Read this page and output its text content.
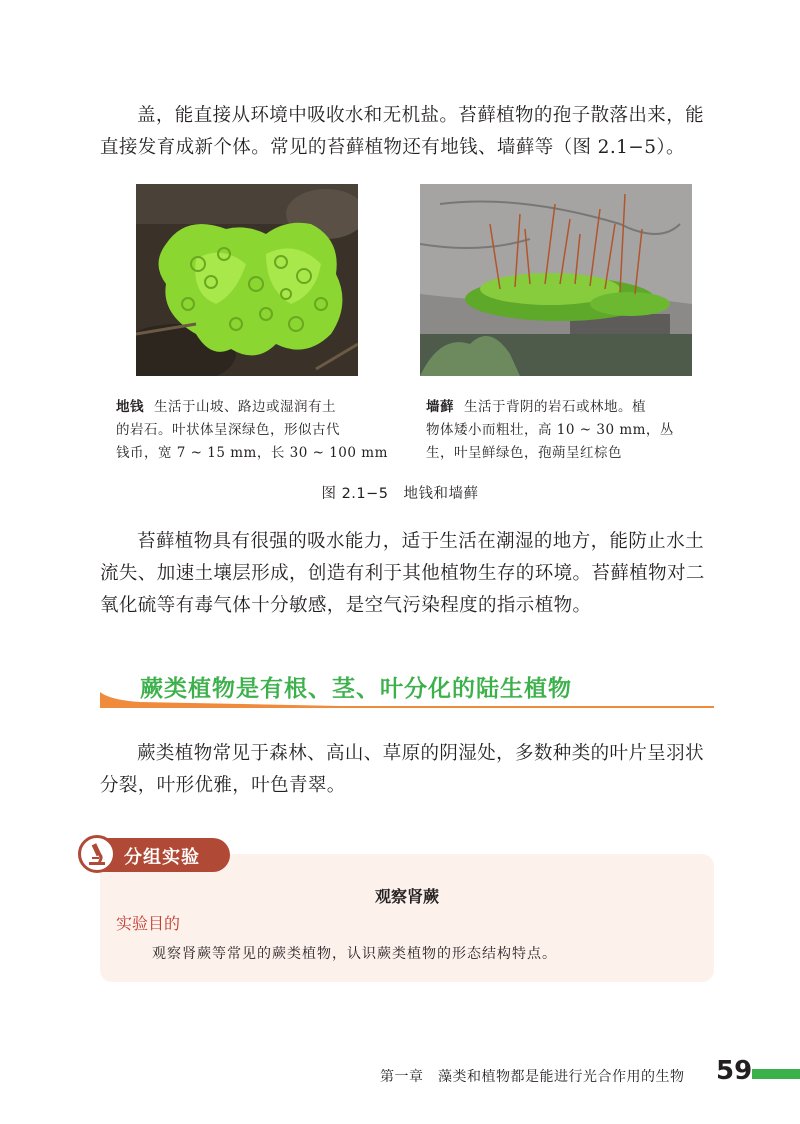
盖，能直接从环境中吸收水和无机盐。苔藓植物的孢子散落出来，能直接发育成新个体。常见的苔藓植物还有地钱、墙藓等（图 2.1−5）。

地钱 生活于山坡、路边或湿润有土
的岩石。叶状体呈深绿色，形似古代
钱币，宽 7 ~ 15 mm，长 30 ~ 100 mm
墙藓 生活于背阴的岩石或林地。植
物体矮小而粗壮，高 10 ~ 30 mm，丛
生，叶呈鲜绿色，孢蒴呈红棕色
图 2.1−5　地钱和墙藓

苔藓植物具有很强的吸水能力，适于生活在潮湿的地方，能防止水土流失、加速土壤层形成，创造有利于其他植物生存的环境。苔藓植物对二氧化硫等有毒气体十分敏感，是空气污染程度的指示植物。

蕨类植物是有根、茎、叶分化的陆生植物

蕨类植物常见于森林、高山、草原的阴湿处，多数种类的叶片呈羽状分裂，叶形优雅，叶色青翠。

分组实验
观察肾蕨
实验目的
观察肾蕨等常见的蕨类植物，认识蕨类植物的形态结构特点。
第一章　藻类和植物都是能进行光合作用的生物 59
